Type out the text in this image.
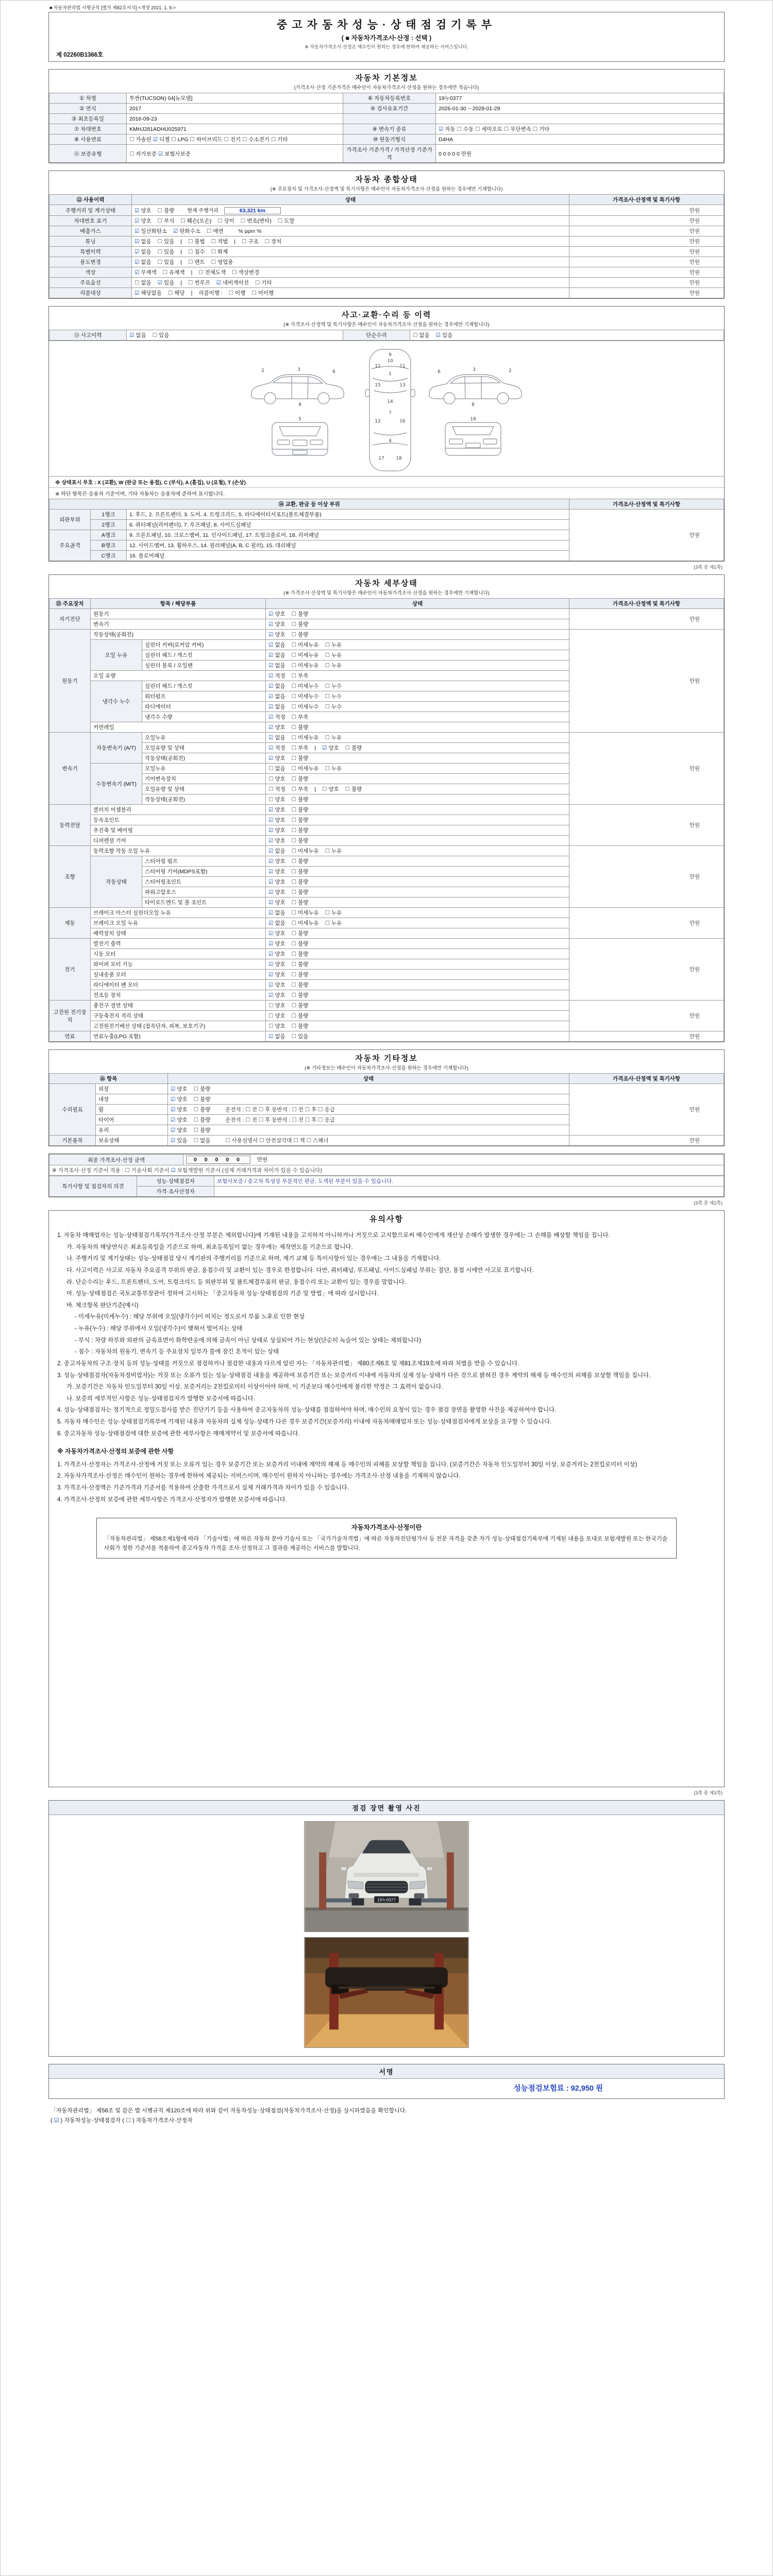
■ 자동차관리법 시행규칙 [별지 제82호서식] <개정 2021. 1. 9.>
중고자동차성능·상태점검기록부
( ■ 자동차가격조사·산정 : 선택 )
※ 자동차가격조사·산정은 매수인이 원하는 경우에 한하여 제공하는 서비스입니다.
제 02260B1366호
자동차 기본정보
(가격조사·산정 기준가격은 매수인이 자동차가격조사·산정을 원하는 경우에만 적습니다)
① 차명	투싼(TUCSON) 04[뉴모델]	⑥ 자동차등록번호	19누0377
② 연식	2017	④ 검사유효기간	2026-01-30 ~ 2028-01-29
③ 최초등록일	2016-09-23		
⑦ 차대번호	KMHJ281ADHU025971	⑨ 변속기 종류	☑ 자동 ☐ 수동 ☐ 세미오토 ☐ 무단변속 ☐ 기타
⑧ 사용연료	☐ 가솔린 ☑ 디젤 ☐ LPG ☐ 하이브리드 ☐ 전기 ☐ 수소전기 ☐ 기타	⑩ 원동기형식	D4HA
⑪ 보증유형	☐ 자가보증 ☑ 보험사보증	가격조사 기준가격 / 가격산정 기준가격	0 0 0 0 0 만원
자동차 종합상태
(※ 주요장치 및 가격조사·산정액 및 특기사항은 매수인이 자동차가격조사·산정을 원하는 경우에만 기재합니다)
⑫ 사용이력	상태	가격조사·산정액 및 특기사항
주행거리 및 계기상태	☑ 양호 ☐ 불량 현재 주행거리 63,321 km	만원
차대번호 표기	☑ 양호 ☐ 부식 ☐ 훼손(오손) ☐ 상이 ☐ 변조(변타) ☐ 도말	만원
배출가스	☑ 일산화탄소 ☑ 탄화수소 ☐ 매연 % ppm %	만원
튜닝	☑ 없음 ☐ 있음 | ☐ 불법 ☐ 적법 | ☐ 구조 ☐ 장치	만원
특별이력	☑ 없음 ☐ 있음 | ☐ 침수 ☐ 화재	만원
용도변경	☑ 없음 ☐ 있음 | ☐ 렌트 ☐ 영업용	만원
색상	☑ 무채색 ☐ 유채색 | ☐ 전체도색 ☐ 색상변경	만원
주요옵션	☐ 없음 ☑ 있음 | ☐ 썬루프 ☑ 네비게이션 ☐ 기타	만원
리콜대상	☑ 해당없음 ☐ 해당 | 리콜이행 : ☐ 이행 ☐ 미이행	만원
사고·교환·수리 등 이력
(※ 가격조사·산정액 및 특기사항은 매수인이 자동차가격조사·산정을 원하는 경우에만 기재합니다)
⑬ 사고이력	☑ 없음 ☐ 있음	단순수리	☐ 없음 ☑ 있음
2	3	6
8
2
3
6
8
9
10
11	11
1
15	13
14
7
12	16
4
17	18
5	18
※ 상태표시 부호 : X (교환), W (판금 또는 용접), C (부식), A (흠집), U (요철), T (손상)
※ 하단 항목은 승용차 기준이며, 기타 자동차는 승용차에 준하여 표시합니다.
⑭ 교환, 판금 등 이상 부위			가격조사·산정액 및 특기사항
외판부위	1랭크	1. 후드, 2. 프론트펜더, 3. 도어, 4. 트렁크리드, 5. 라디에이터서포트(볼트체결부품)	만원
	2랭크	6. 쿼터패널(리어펜더), 7. 루프패널, 8. 사이드실패널	
주요골격	A랭크	9. 프론트패널, 10. 크로스멤버, 11. 인사이드패널, 17. 트렁크플로어, 18. 리어패널	
	B랭크	12. 사이드멤버, 13. 휠하우스, 14. 필러패널(A, B, C 필러), 15. 대쉬패널	
	C랭크	16. 플로어패널	
(3쪽 중 제1쪽)
자동차 세부상태
(※ 가격조사·산정액 및 특기사항은 매수인이 자동차가격조사·산정을 원하는 경우에만 기재합니다)
⑮ 주요장치	항목 / 해당부품		상태	가격조사·산정액 및 특기사항
자기진단	원동기		☑ 양호 ☐ 불량	만원
	변속기		☑ 양호 ☐ 불량	
원동기	작동상태(공회전)		☑ 양호 ☐ 불량	만원
	오일 누유	실린더 커버(로커암 커버)	☑ 없음 ☐ 미세누유 ☐ 누유	
		실린더 헤드 / 개스킷	☑ 없음 ☐ 미세누유 ☐ 누유	
		실린더 블록 / 오일팬	☑ 없음 ☐ 미세누유 ☐ 누유	
	오일 유량		☑ 적정 ☐ 부족	
	냉각수 누수	실린더 헤드 / 개스킷	☑ 없음 ☐ 미세누수 ☐ 누수	
		워터펌프	☑ 없음 ☐ 미세누수 ☐ 누수	
		라디에이터	☑ 없음 ☐ 미세누수 ☐ 누수	
		냉각수 수량	☑ 적정 ☐ 부족	
	커먼레일		☑ 양호 ☐ 불량	
변속기	자동변속기 (A/T)	오일누유	☑ 없음 ☐ 미세누유 ☐ 누유	만원
		오일유량 및 상태	☑ 적정 ☐ 부족 | ☑ 양호 ☐ 불량	
		작동상태(공회전)	☑ 양호 ☐ 불량	
	수동변속기 (M/T)	오일누유	☐ 없음 ☐ 미세누유 ☐ 누유	
		기어변속장치	☐ 양호 ☐ 불량	
		오일유량 및 상태	☐ 적정 ☐ 부족 | ☐ 양호 ☐ 불량	
		작동상태(공회전)	☐ 양호 ☐ 불량	
동력전달	클러치 어셈블리		☑ 양호 ☐ 불량	만원
	등속조인트		☑ 양호 ☐ 불량	
	추진축 및 베어링		☑ 양호 ☐ 불량	
	디퍼렌셜 기어		☑ 양호 ☐ 불량	
조향	동력조향 작동 오일 누유		☑ 없음 ☐ 미세누유 ☐ 누유	만원
	작동상태	스티어링 펌프	☑ 양호 ☐ 불량	
		스티어링 기어(MDPS포함)	☑ 양호 ☐ 불량	
		스티어링조인트	☑ 양호 ☐ 불량	
		파워고압호스	☑ 양호 ☐ 불량	
		타이로드엔드 및 볼 조인트	☑ 양호 ☐ 불량	
제동	브레이크 마스터 실린더오일 누유		☑ 없음 ☐ 미세누유 ☐ 누유	만원
	브레이크 오일 누유		☑ 없음 ☐ 미세누유 ☐ 누유	
	배력장치 상태		☑ 양호 ☐ 불량	
전기	발전기 출력		☑ 양호 ☐ 불량	만원
	시동 모터		☑ 양호 ☐ 불량	
	와이퍼 모터 기능		☑ 양호 ☐ 불량	
	실내송풍 모터		☑ 양호 ☐ 불량	
	라디에이터 팬 모터		☑ 양호 ☐ 불량	
	전조등 장치		☑ 양호 ☐ 불량	
고전원 전기장치	충전구 절연 상태		☐ 양호 ☐ 불량	만원
	구동축전지 격리 상태		☐ 양호 ☐ 불량	
	고전원전기배선 상태 (접속단자, 피복, 보호기구)		☐ 양호 ☐ 불량	
연료	연료누출(LPG 포함)		☑ 없음 ☐ 있음	만원
자동차 기타정보
(※ 기타정보는 매수인이 자동차가격조사·산정을 원하는 경우에만 기재합니다)
⑯ 항목		상태	가격조사·산정액 및 특기사항
수리필요	외장	☑ 양호 ☐ 불량	만원
	내장	☑ 양호 ☐ 불량	
	휠	☑ 양호 ☐ 불량 운전석 : ☐ 전 ☐ 후 동반석 : ☐ 전 ☐ 후 ☐ 응급	
	타이어	☑ 양호 ☐ 불량 운전석 : ☐ 전 ☐ 후 동반석 : ☐ 전 ☐ 후 ☐ 응급	
	유리	☑ 양호 ☐ 불량	
기본품목	보유상태	☑ 있음 ☐ 없음 ☐ 사용설명서 ☐ 안전삼각대 ☐ 잭 ☐ 스패너	만원
최종 가격조사·산정 금액	0 0 0 0 0	만원
※ 가격조사·산정 기준서 적용 : ☐ 기술사회 기준서 ☑ 보험개발원 기준서 (실제 거래가격과 차이가 있을 수 있습니다)
특기사항 및 점검자의 의견	성능·상태점검자	보험사보증 / 중고차 특성상 부분적인 판금, 도색된 부분이 있을 수 있습니다.
	가격·조사산정자	
(3쪽 중 제2쪽)
유의사항
1. 자동차 매매업자는 성능·상태점검기록부(가격조사·산정 부분은 제외합니다)에 기재된 내용을 고지하지 아니하거나 거짓으로 고지함으로써 매수인에게 재산상 손해가 발생한 경우에는 그 손해를 배상할 책임을 집니다.
가. 자동차의 해당연식은 최초등록일을 기준으로 하며, 최초등록일이 없는 경우에는 제작연도를 기준으로 합니다.
나. 주행거리 및 계기상태는 성능·상태점검 당시 계기판의 주행거리를 기준으로 하며, 계기 교체 등 특이사항이 있는 경우에는 그 내용을 기재합니다.
다. 사고이력은 사고로 자동차 주요골격 부위의 판금, 용접수리 및 교환이 있는 경우로 한정합니다. 다만, 쿼터패널, 루프패널, 사이드실패널 부위는 절단, 용접 시에만 사고로 표기합니다.
라. 단순수리는 후드, 프론트펜더, 도어, 트렁크리드 등 외판부위 및 볼트체결부품의 판금, 용접수리 또는 교환이 있는 경우를 말합니다.
마. 성능·상태점검은 국토교통부장관이 정하여 고시하는 「중고자동차 성능·상태점검의 기준 및 방법」에 따라 실시합니다.
바. 체크항목 판단기준(예시)
- 미세누유(미세누수) : 해당 부위에 오일(냉각수)이 비치는 정도로서 부품 노후로 인한 현상
- 누유(누수) : 해당 부위에서 오일(냉각수)이 맺혀서 떨어지는 상태
- 부식 : 차량 하부와 외판의 금속표면이 화학반응에 의해 금속이 아닌 상태로 상실되어 가는 현상(단순히 녹슬어 있는 상태는 제외합니다)
- 침수 : 자동차의 원동기, 변속기 등 주요장치 일부가 물에 잠긴 흔적이 있는 상태
2. 중고자동차의 구조·장치 등의 성능·상태를 거짓으로 점검하거나 점검한 내용과 다르게 알린 자는 「자동차관리법」 제80조제6호 및 제81조제19호에 따라 처벌을 받을 수 있습니다.
3. 성능·상태점검자(자동차정비업자)는 거짓 또는 오류가 있는 성능·상태점검 내용을 제공하여 보증기간 또는 보증거리 이내에 자동차의 실제 성능·상태가 다른 것으로 밝혀진 경우 계약의 해제 등 매수인의 피해를 보상할 책임을 집니다.
가. 보증기간은 자동차 인도일부터 30일 이상, 보증거리는 2천킬로미터 이상이어야 하며, 이 기준보다 매수인에게 불리한 약정은 그 효력이 없습니다.
나. 보증의 세부적인 사항은 성능·상태점검자가 발행한 보증서에 따릅니다.
4. 성능·상태점검자는 정기적으로 정밀도검사를 받은 진단기기 등을 사용하여 중고자동차의 성능·상태를 점검하여야 하며, 매수인의 요청이 있는 경우 점검 장면을 촬영한 사진을 제공하여야 합니다.
5. 자동차 매수인은 성능·상태점검기록부에 기재된 내용과 자동차의 실제 성능·상태가 다른 경우 보증기간(보증거리) 이내에 자동차매매업자 또는 성능·상태점검자에게 보상을 요구할 수 있습니다.
6. 중고자동차 성능·상태점검에 대한 보증에 관한 세부사항은 매매계약서 및 보증서에 따릅니다.
※ 자동차가격조사·산정의 보증에 관한 사항
1. 가격조사·산정자는 가격조사·산정에 거짓 또는 오류가 있는 경우 보증기간 또는 보증거리 이내에 계약의 해제 등 매수인의 피해를 보상할 책임을 집니다. (보증기간은 자동차 인도일부터 30일 이상, 보증거리는 2천킬로미터 이상)
2. 자동차가격조사·산정은 매수인이 원하는 경우에 한하여 제공되는 서비스이며, 매수인이 원하지 아니하는 경우에는 가격조사·산정 내용을 기재하지 않습니다.
3. 가격조사·산정액은 기준가격과 기준서를 적용하여 산출한 가격으로서 실제 거래가격과 차이가 있을 수 있습니다.
4. 가격조사·산정의 보증에 관한 세부사항은 가격조사·산정자가 발행한 보증서에 따릅니다.
자동차가격조사·산정이란
「자동차관리법」 제58조제1항에 따라 「기술사법」에 따른 자동차 분야 기술사 또는 「국가기술자격법」에 따른 자동차진단평가사 등 전문 자격을 갖춘 자가 성능·상태점검기록부에 기재된 내용을 토대로 보험개발원 또는 한국기술사회가 정한 기준서를 적용하여 중고자동차 가격을 조사·산정하고 그 결과를 제공하는 서비스를 말합니다.
(3쪽 중 제3쪽)
점검 장면 촬영 사진
19누0377
서명
성능점검보험료 : 92,950 원
「자동차관리법」 제58조 및 같은 법 시행규칙 제120조에 따라 위와 같이 자동차성능·상태점검(자동차가격조사·산정)을 실시하였음을 확인합니다.
( ☑ ) 자동차성능·상태점검자 ( ☐ ) 자동차가격조사·산정자
